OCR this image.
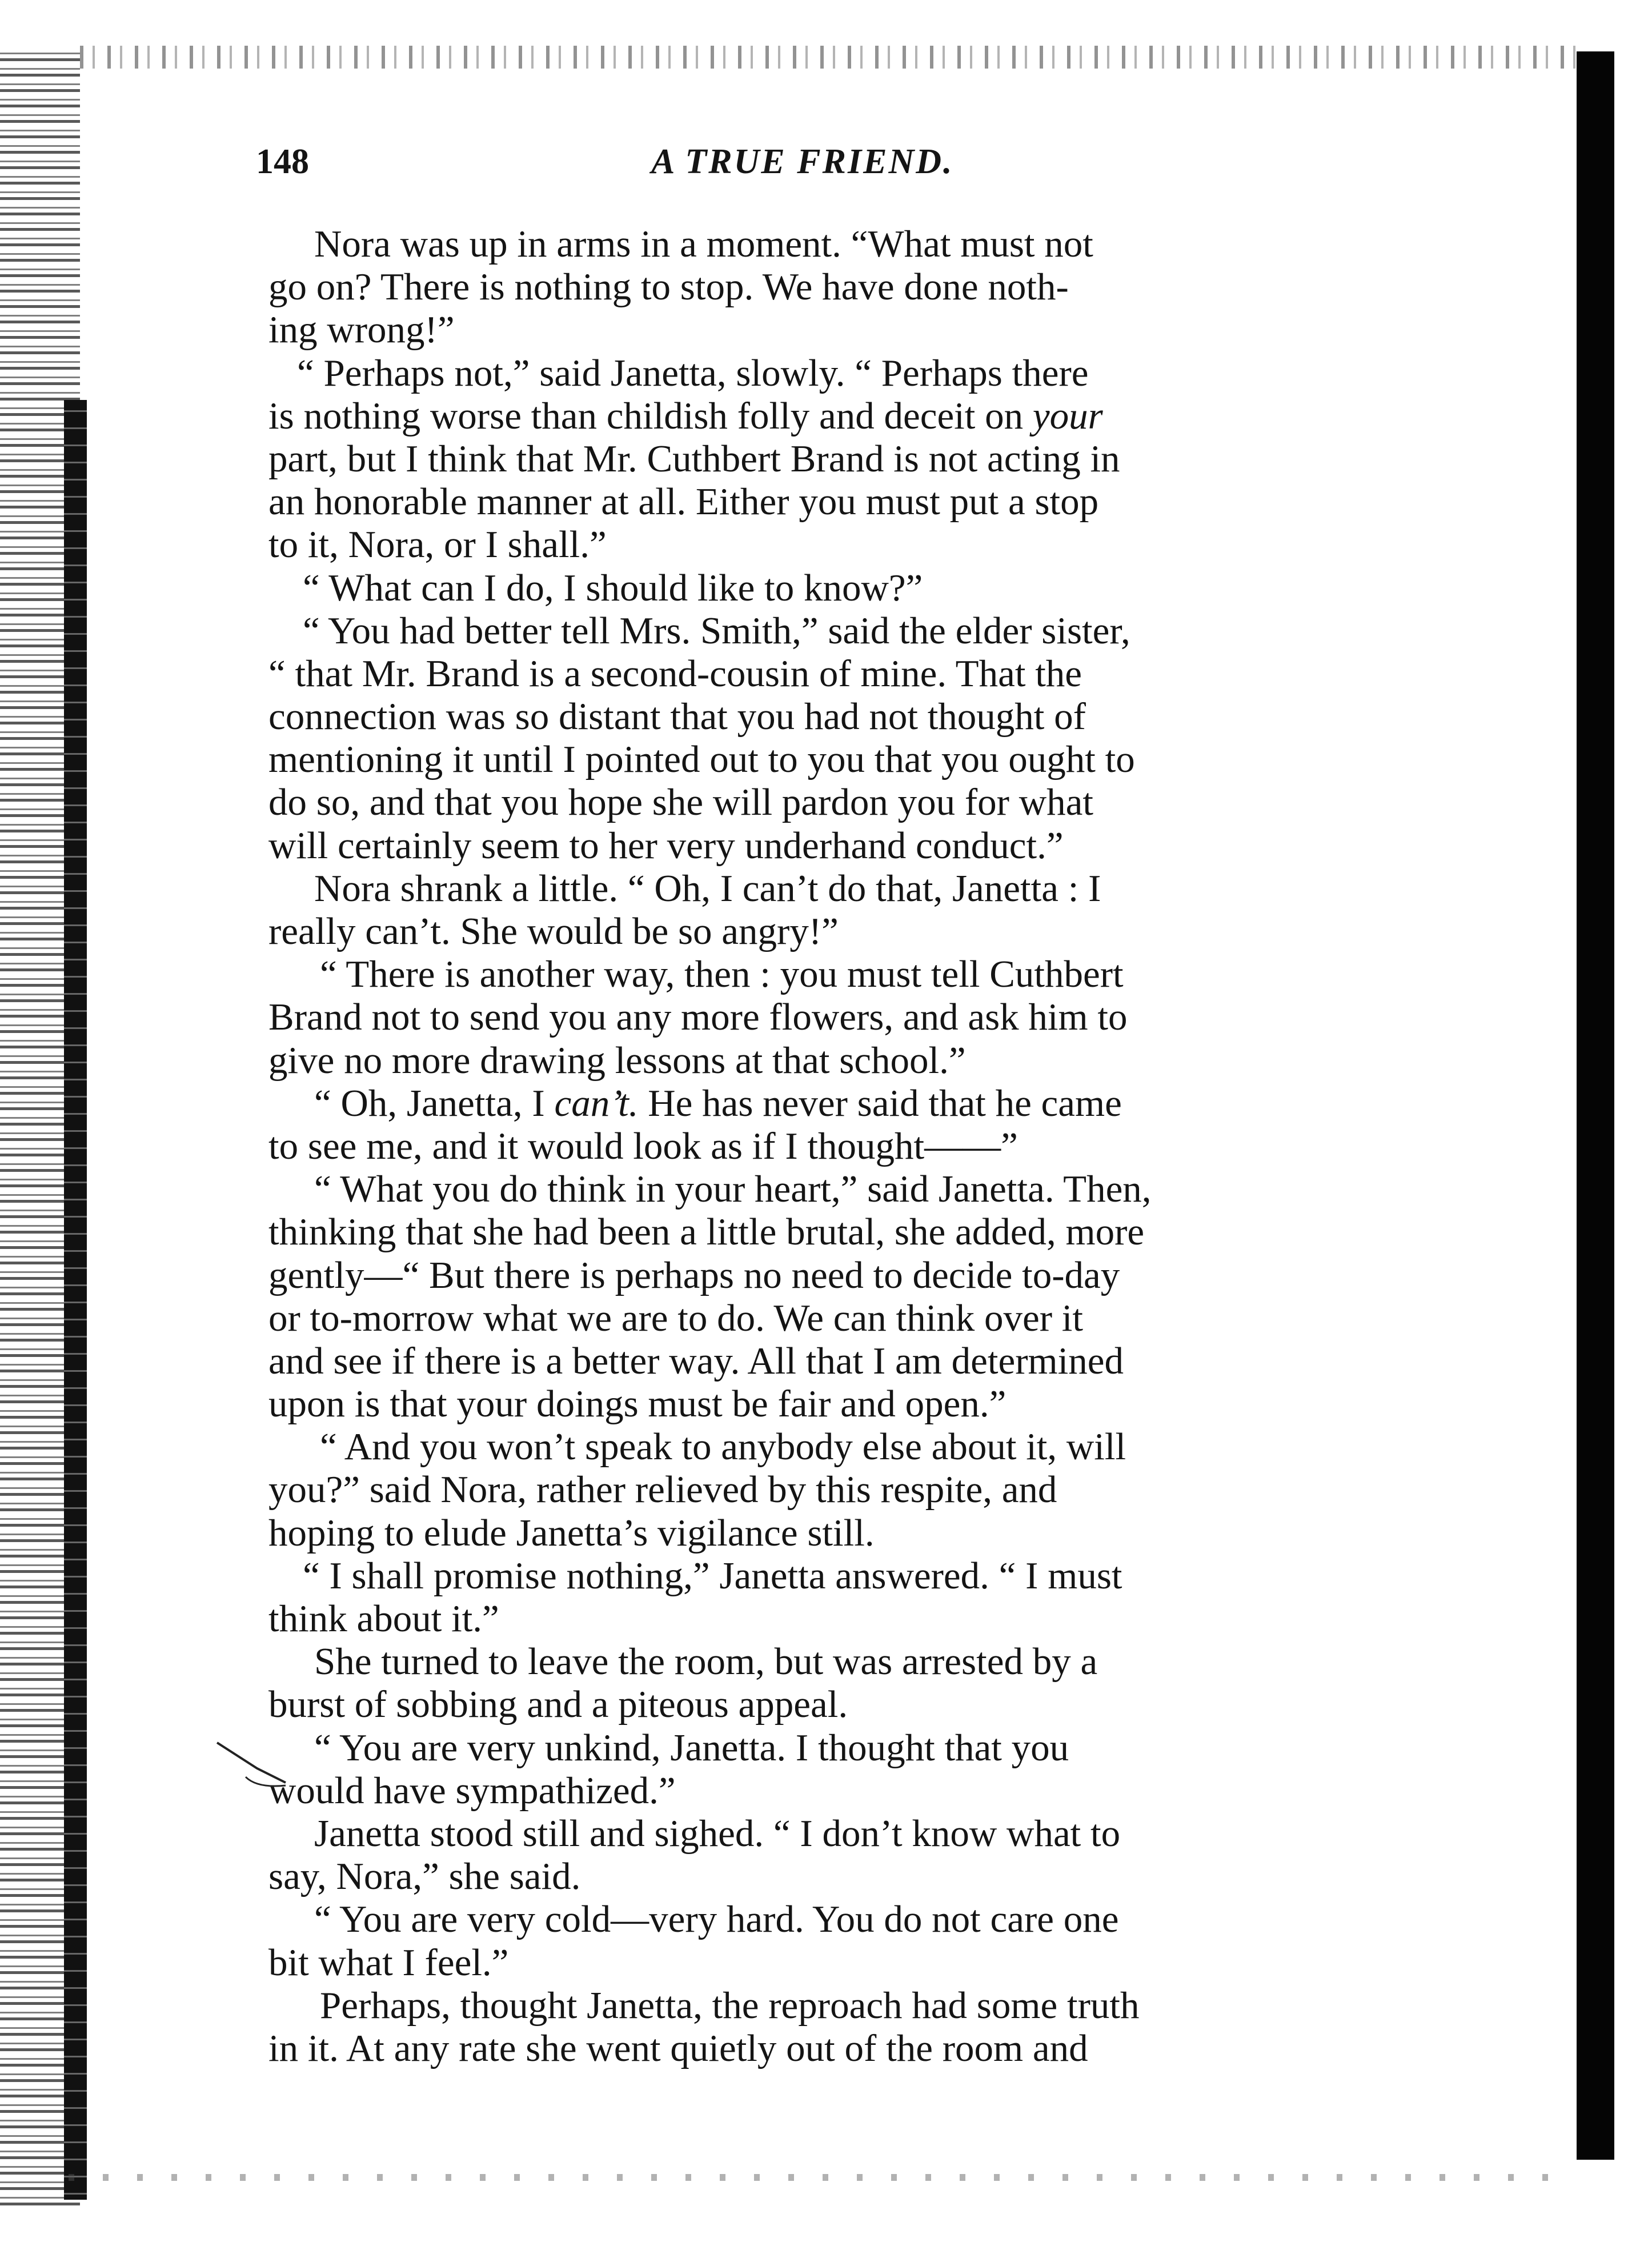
148	A TRUE FRIEND.
Nora was up in arms in a moment. “What must not
go on? There is nothing to stop. We have done noth-
ing wrong!”
“ Perhaps not,” said Janetta, slowly. “ Perhaps there
is nothing worse than childish folly and deceit on your
part, but I think that Mr. Cuthbert Brand is not acting in
an honorable manner at all. Either you must put a stop
to it, Nora, or I shall.”
“ What can I do, I should like to know?”
“ You had better tell Mrs. Smith,” said the elder sister,
“ that Mr. Brand is a second-cousin of mine. That the
connection was so distant that you had not thought of
mentioning it until I pointed out to you that you ought to
do so, and that you hope she will pardon you for what
will certainly seem to her very underhand conduct.”
Nora shrank a little. “ Oh, I can’t do that, Janetta : I
really can’t. She would be so angry!”
“ There is another way, then : you must tell Cuthbert
Brand not to send you any more flowers, and ask him to
give no more drawing lessons at that school.”
“ Oh, Janetta, I can’t. He has never said that he came
to see me, and it would look as if I thought——”
“ What you do think in your heart,” said Janetta. Then,
thinking that she had been a little brutal, she added, more
gently—“ But there is perhaps no need to decide to-day
or to-morrow what we are to do. We can think over it
and see if there is a better way. All that I am determined
upon is that your doings must be fair and open.”
“ And you won’t speak to anybody else about it, will
you?” said Nora, rather relieved by this respite, and
hoping to elude Janetta’s vigilance still.
“ I shall promise nothing,” Janetta answered. “ I must
think about it.”
She turned to leave the room, but was arrested by a
burst of sobbing and a piteous appeal.
“ You are very unkind, Janetta. I thought that you
would have sympathized.”
Janetta stood still and sighed. “ I don’t know what to
say, Nora,” she said.
“ You are very cold—very hard. You do not care one
bit what I feel.”
Perhaps, thought Janetta, the reproach had some truth
in it. At any rate she went quietly out of the room and
